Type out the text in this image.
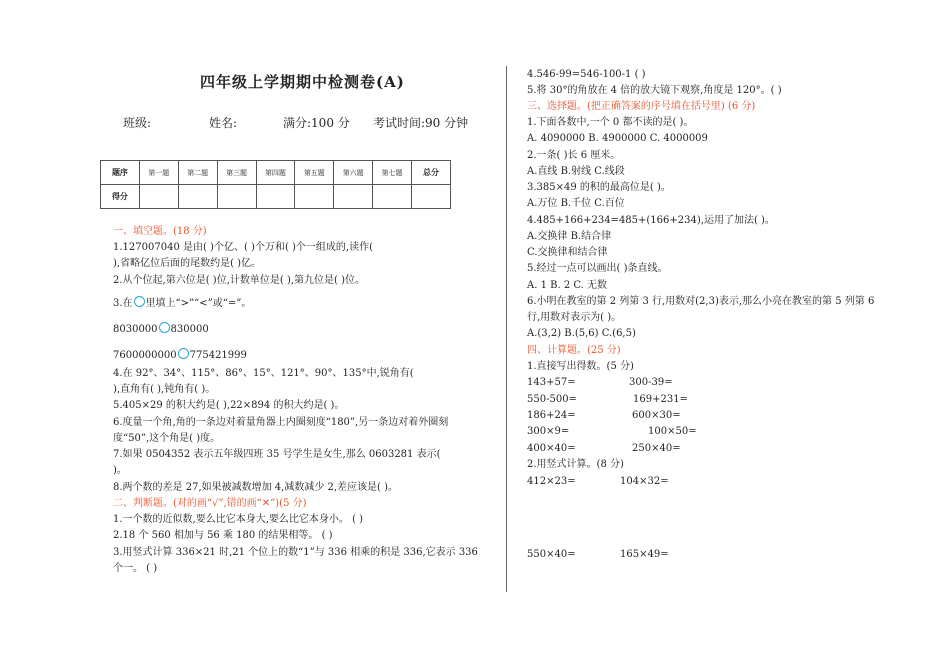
四年级上学期期中检测卷(A)
班级:	姓名:	满分:100 分 考试时间:90 分钟
题序	第一题	第二题	第三题	第四题	第五题	第六题	第七题	总分
得分								
一、填空题。(18 分)
1.127007040 是由( )个亿、( )个万和( )个一组成的,读作(
),省略亿位后面的尾数约是( )亿。
2.从个位起,第六位是( )位,计数单位是( ),第九位是( )位。
3.在 里填上“>”“<”或“=”。
8030000 830000
7600000000 775421999
4.在 92°、34°、115°、86°、15°、121°、90°、135°中,锐角有(
),直角有( ),钝角有( )。
5.405×29 的积大约是( ),22×894 的积大约是( )。
6.度量一个角,角的一条边对着量角器上内圈刻度“180”,另一条边对着外圈刻
度“50”,这个角是( )度。
7.如果 0504352 表示五年级四班 35 号学生是女生,那么 0603281 表示(
)。
8.两个数的差是 27,如果被减数增加 4,减数减少 2,差应该是( )。
二、判断题。(对的画“√”,错的画“✕”)(5 分)
1.一个数的近似数,要么比它本身大,要么比它本身小。 ( )
2.18 个 560 相加与 56 乘 180 的结果相等。 ( )
3.用竖式计算 336×21 时,21 个位上的数“1”与 336 相乘的积是 336,它表示 336
个一。 ( )
4.546-99=546-100-1 ( )
5.将 30°的角放在 4 倍的放大镜下观察,角度是 120°。( )
三、选择题。(把正确答案的序号填在括号里) (6 分)
1.下面各数中,一个 0 都不读的是( )。
A. 4090000 B. 4900000 C. 4000009
2.一条( )长 6 厘米。
A.直线 B.射线 C.线段
3.385×49 的积的最高位是( )。
A.万位 B.千位 C.百位
4.485+166+234=485+(166+234),运用了加法( )。
A.交换律 B.结合律
C.交换律和结合律
5.经过一点可以画出( )条直线。
A. 1 B. 2 C. 无数
6.小明在教室的第 2 列第 3 行,用数对(2,3)表示,那么小亮在教室的第 5 列第 6
行,用数对表示为( )。
A.(3,2) B.(5,6) C.(6,5)
四、计算题。(25 分)
1.直接写出得数。(5 分)
143+57=	300-39=
550-500=	169+231=
186+24=	600×30=
300×9=	100×50=
400×40=	250×40=
2.用竖式计算。(8 分)
412×23=	104×32=
550×40=	165×49=
